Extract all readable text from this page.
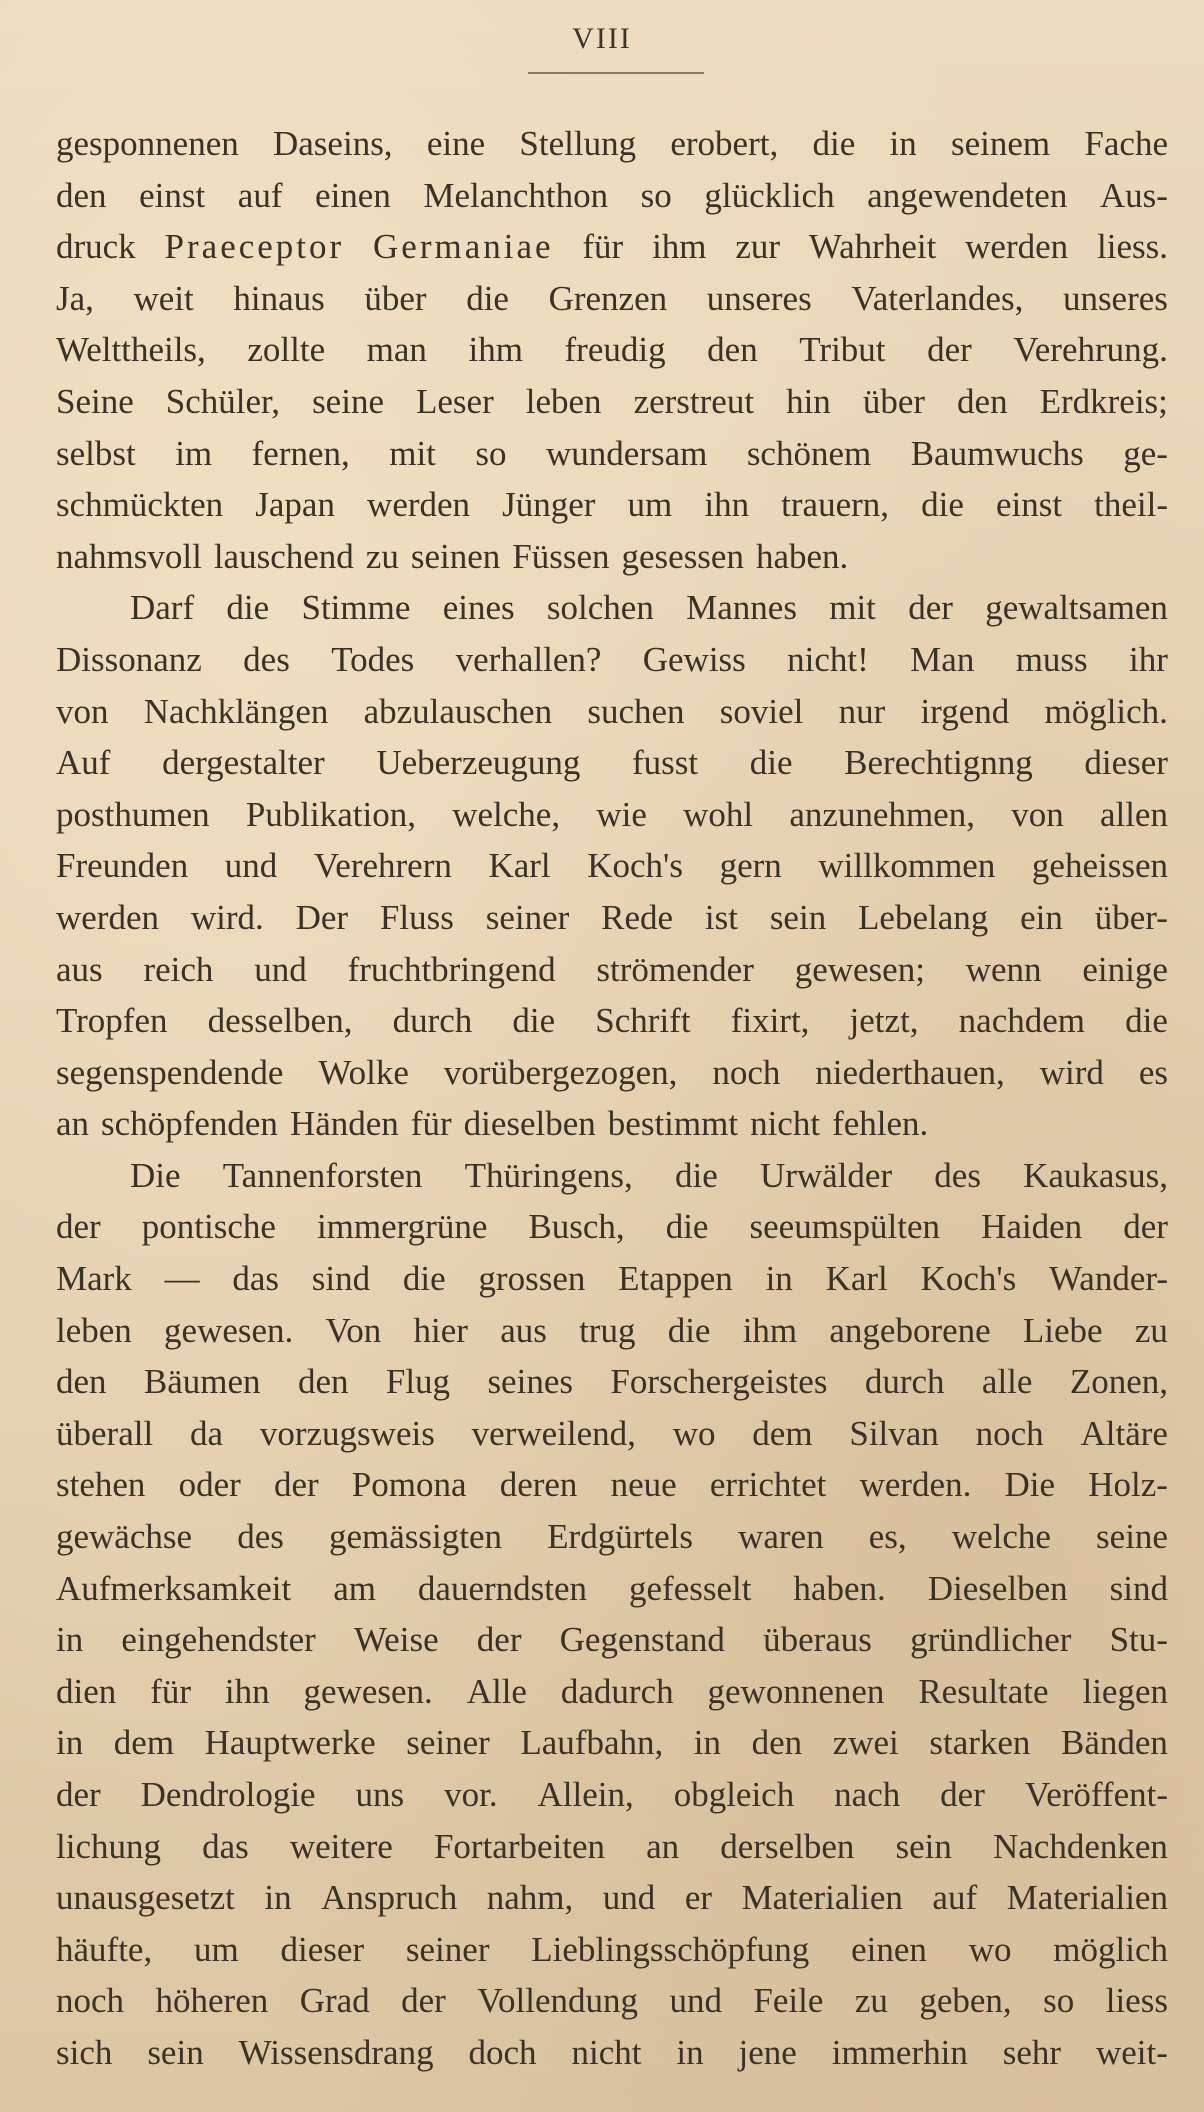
VIII
gesponnenen Daseins, eine Stellung erobert, die in seinem Fache
den einst auf einen Melanchthon so glücklich angewendeten Aus-
druck Praeceptor Germaniae für ihm zur Wahrheit werden liess.
Ja, weit hinaus über die Grenzen unseres Vaterlandes, unseres
Welttheils, zollte man ihm freudig den Tribut der Verehrung.
Seine Schüler, seine Leser leben zerstreut hin über den Erdkreis;
selbst im fernen, mit so wundersam schönem Baumwuchs ge-
schmückten Japan werden Jünger um ihn trauern, die einst theil-
nahmsvoll lauschend zu seinen Füssen gesessen haben.
Darf die Stimme eines solchen Mannes mit der gewaltsamen
Dissonanz des Todes verhallen? Gewiss nicht! Man muss ihr
von Nachklängen abzulauschen suchen soviel nur irgend möglich.
Auf dergestalter Ueberzeugung fusst die Berechtignng dieser
posthumen Publikation, welche, wie wohl anzunehmen, von allen
Freunden und Verehrern Karl Koch's gern willkommen geheissen
werden wird. Der Fluss seiner Rede ist sein Lebelang ein über-
aus reich und fruchtbringend strömender gewesen; wenn einige
Tropfen desselben, durch die Schrift fixirt, jetzt, nachdem die
segenspendende Wolke vorübergezogen, noch niederthauen, wird es
an schöpfenden Händen für dieselben bestimmt nicht fehlen.
Die Tannenforsten Thüringens, die Urwälder des Kaukasus,
der pontische immergrüne Busch, die seeumspülten Haiden der
Mark — das sind die grossen Etappen in Karl Koch's Wander-
leben gewesen. Von hier aus trug die ihm angeborene Liebe zu
den Bäumen den Flug seines Forschergeistes durch alle Zonen,
überall da vorzugsweis verweilend, wo dem Silvan noch Altäre
stehen oder der Pomona deren neue errichtet werden. Die Holz-
gewächse des gemässigten Erdgürtels waren es, welche seine
Aufmerksamkeit am dauerndsten gefesselt haben. Dieselben sind
in eingehendster Weise der Gegenstand überaus gründlicher Stu-
dien für ihn gewesen. Alle dadurch gewonnenen Resultate liegen
in dem Hauptwerke seiner Laufbahn, in den zwei starken Bänden
der Dendrologie uns vor. Allein, obgleich nach der Veröffent-
lichung das weitere Fortarbeiten an derselben sein Nachdenken
unausgesetzt in Anspruch nahm, und er Materialien auf Materialien
häufte, um dieser seiner Lieblingsschöpfung einen wo möglich
noch höheren Grad der Vollendung und Feile zu geben, so liess
sich sein Wissensdrang doch nicht in jene immerhin sehr weit-
